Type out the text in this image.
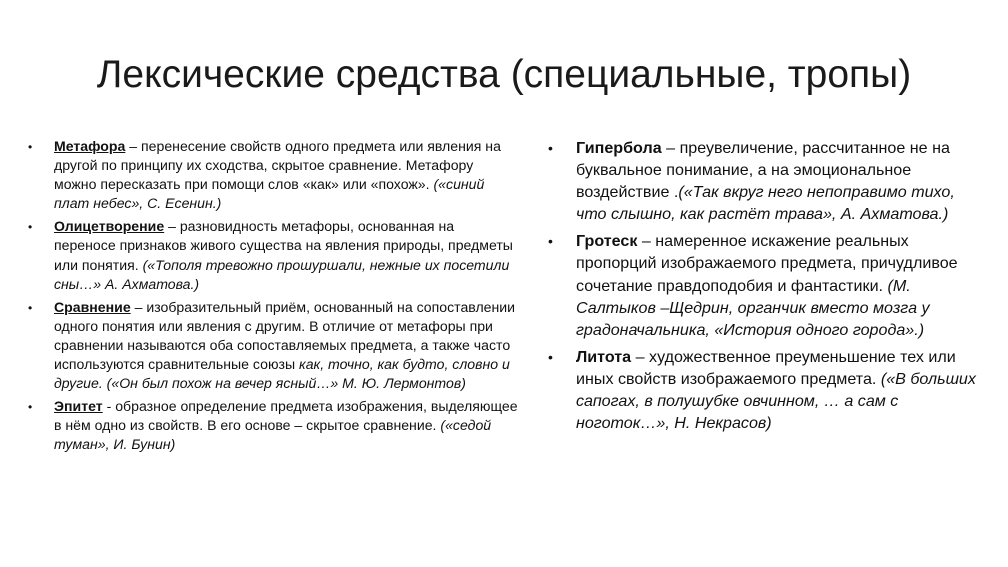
Лексические средства (специальные, тропы)
•	Метафора – перенесение свойств одного предмета или явления на другой по принципу их сходства, скрытое сравнение. Метафору можно пересказать при помощи слов «как» или «похож». («синий плат небес», С. Есенин.)
•	Олицетворение – разновидность метафоры, основанная на переносе признаков живого существа на явления природы, предметы или понятия. («Тополя тревожно прошуршали, нежные их посетили сны…» А. Ахматова.)
•	Сравнение – изобразительный приём, основанный на сопоставлении одного понятия или явления с другим. В отличие от метафоры при сравнении называются оба сопоставляемых предмета, а также часто используются сравнительные союзы как, точно, как будто, словно и другие. («Он был похож на вечер ясный…» М. Ю. Лермонтов)
•	Эпитет - образное определение предмета изображения, выделяющее в нём одно из свойств. В его основе – скрытое сравнение. («седой туман», И. Бунин)
•	Гипербола – преувеличение, рассчитанное не на буквальное понимание, а на эмоциональное воздействие .(«Так вкруг него непоправимо тихо, что слышно, как растёт трава», А. Ахматова.)
•	Гротеск – намеренное искажение реальных пропорций изображаемого предмета, причудливое сочетание правдоподобия и фантастики. (М. Салтыков –Щедрин, органчик вместо мозга у градоначальника, «История одного города».)
•	Литота – художественное преуменьшение тех или иных свойств изображаемого предмета. («В больших сапогах, в полушубке овчинном, … а сам с ноготок…», Н. Некрасов)
